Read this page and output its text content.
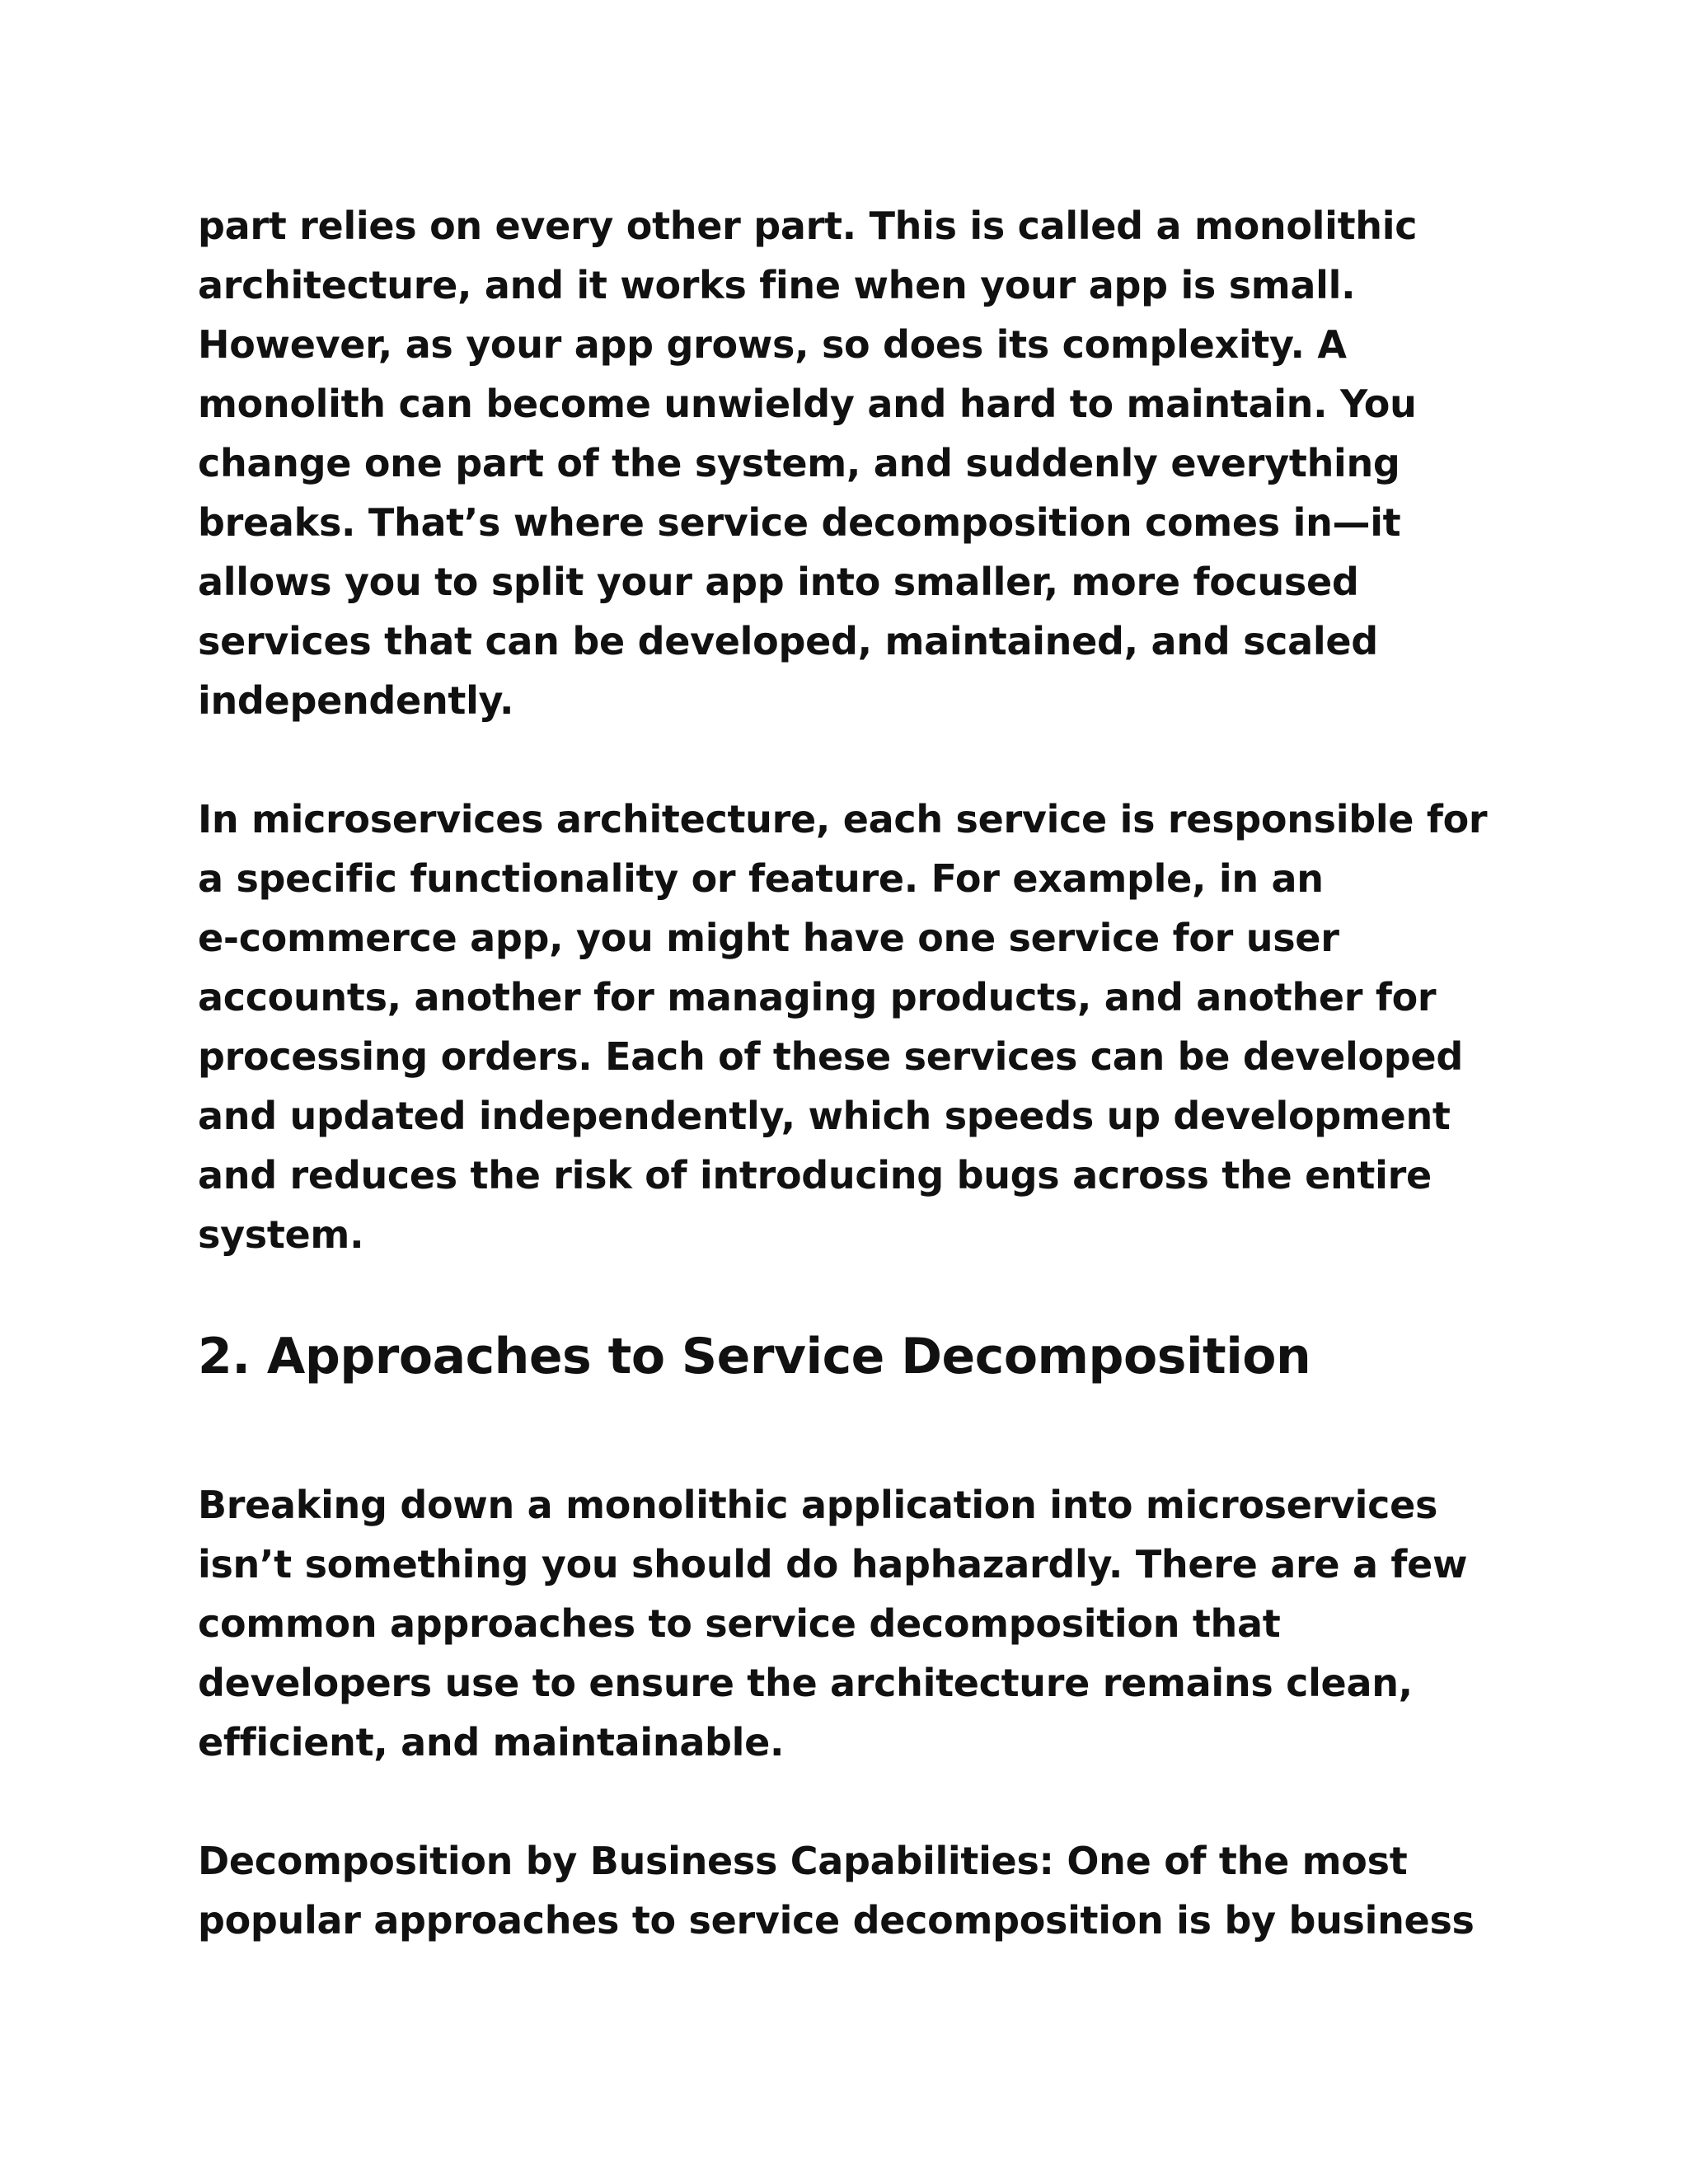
part relies on every other part. This is called a monolithic
architecture, and it works fine when your app is small.
However, as your app grows, so does its complexity. A
monolith can become unwieldy and hard to maintain. You
change one part of the system, and suddenly everything
breaks. That’s where service decomposition comes in—it
allows you to split your app into smaller, more focused
services that can be developed, maintained, and scaled
independently.

In microservices architecture, each service is responsible for
a specific functionality or feature. For example, in an
e-commerce app, you might have one service for user
accounts, another for managing products, and another for
processing orders. Each of these services can be developed
and updated independently, which speeds up development
and reduces the risk of introducing bugs across the entire
system.

2. Approaches to Service Decomposition

Breaking down a monolithic application into microservices
isn’t something you should do haphazardly. There are a few
common approaches to service decomposition that
developers use to ensure the architecture remains clean,
efficient, and maintainable.

Decomposition by Business Capabilities: One of the most
popular approaches to service decomposition is by business
